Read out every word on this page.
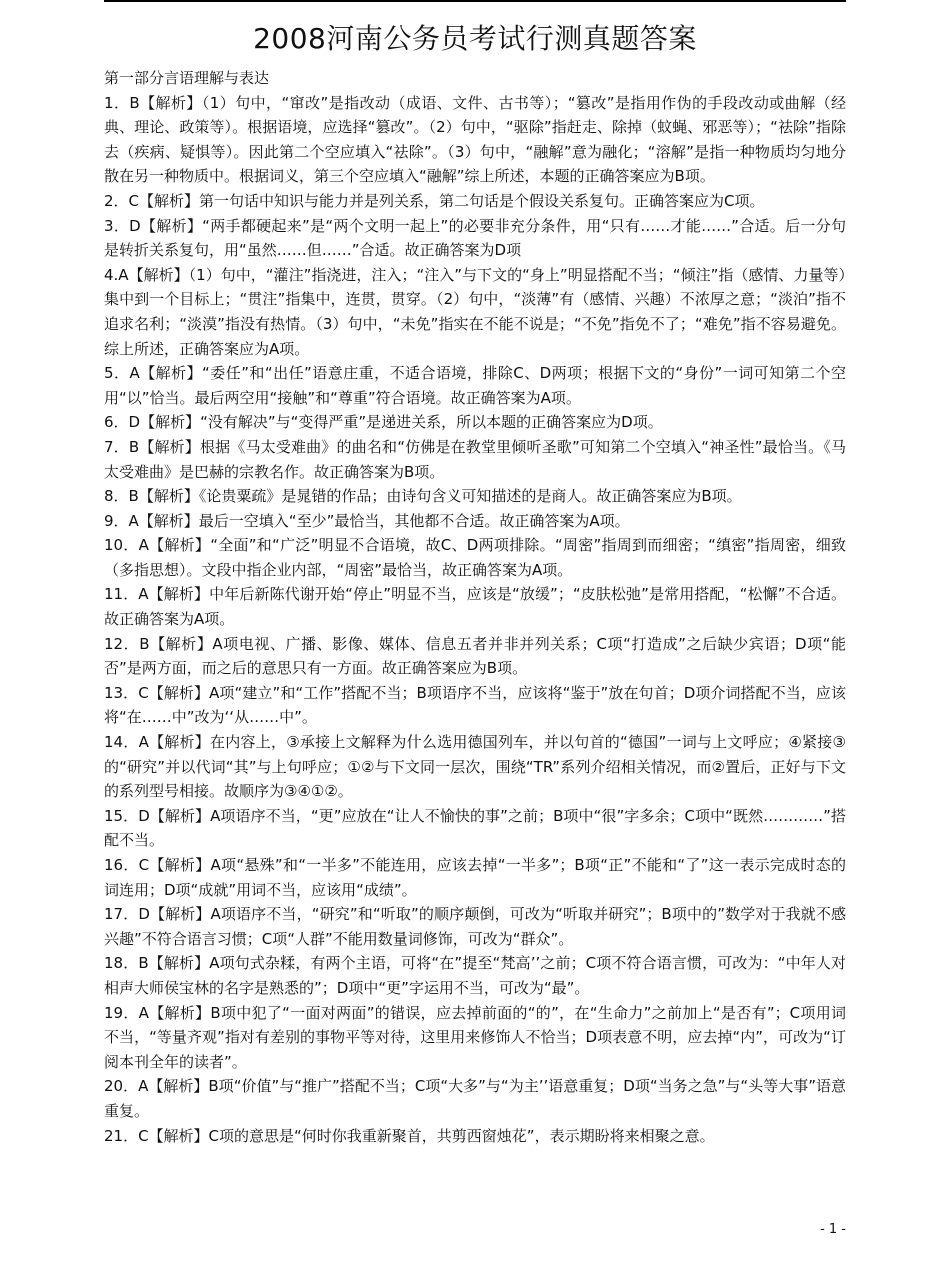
2008河南公务员考试行测真题答案

第一部分言语理解与表达

1．B【解析】（1）句中，“窜改”是指改动（成语、文件、古书等）；“篡改”是指用作伪的手段改动或曲解（经典、理论、政策等）。根据语境，应选择“篡改”。（2）句中，“驱除”指赶走、除掉（蚊蝇、邪恶等）；“祛除”指除去（疾病、疑惧等）。因此第二个空应填入“祛除”。（3）句中，“融解”意为融化；“溶解”是指一种物质均匀地分散在另一种物质中。根据词义，第三个空应填入“融解”综上所述，本题的正确答案应为B项。

2．C【解析】第一句话中知识与能力并是列关系，第二句话是个假设关系复句。正确答案应为C项。

3．D【解析】“两手都硬起来”是“两个文明一起上”的必要非充分条件，用“只有……才能……”合适。后一分句是转折关系复句，用“虽然……但……”合适。故正确答案为D项

4.A【解析】（1）句中，“灌注”指浇进，注入；“注入”与下文的“身上”明显搭配不当；“倾注”指（感情、力量等）集中到一个目标上；“贯注”指集中，连贯，贯穿。（2）句中，“淡薄”有（感情、兴趣）不浓厚之意；“淡泊”指不追求名利；“淡漠”指没有热情。（3）句中，“未免”指实在不能不说是；“不免”指免不了；“难免”指不容易避免。综上所述，正确答案应为A项。

5．A【解析】“委任”和“出任”语意庄重，不适合语境，排除C、D两项；根据下文的“身份”一词可知第二个空用“以”恰当。最后两空用“接触”和“尊重”符合语境。故正确答案为A项。

6．D【解析】“没有解决”与“变得严重”是递进关系，所以本题的正确答案应为D项。

7．B【解析】根据《马太受难曲》的曲名和“仿佛是在教堂里倾听圣歌”可知第二个空填入“神圣性”最恰当。《马太受难曲》是巴赫的宗教名作。故正确答案为B项。

8．B【解析】《论贵粟疏》是晁错的作品；由诗句含义可知描述的是商人。故正确答案应为B项。

9．A【解析】最后一空填入“至少”最恰当，其他都不合适。故正确答案为A项。

10．A【解析】“全面”和“广泛”明显不合语境，故C、D两项排除。“周密”指周到而细密；“缜密”指周密，细致（多指思想）。文段中指企业内部，“周密”最恰当，故正确答案为A项。

11．A【解析】中年后新陈代谢开始“停止”明显不当，应该是“放缓”；“皮肤松弛”是常用搭配，“松懈”不合适。故正确答案为A项。

12．B【解析】A项电视、广播、影像、媒体、信息五者并非并列关系；C项“打造成”之后缺少宾语；D项“能否”是两方面，而之后的意思只有一方面。故正确答案应为B项。

13．C【解析】A项“建立”和“工作”搭配不当；B项语序不当，应该将“鉴于”放在句首；D项介词搭配不当，应该将“在……中”改为‘‘从……中”。

14．A【解析】在内容上，③承接上文解释为什么选用德国列车，并以句首的“德国”一词与上文呼应；④紧接③的“研究”并以代词“其”与上句呼应；①②与下文同一层次，围绕“TR”系列介绍相关情况，而②置后，正好与下文的系列型号相接。故顺序为③④①②。

15．D【解析】A项语序不当，“更”应放在“让人不愉快的事”之前；B项中“很”字多余；C项中“既然…………”搭配不当。

16．C【解析】A项“悬殊”和“一半多”不能连用，应该去掉“一半多”；B项“正”不能和“了”这一表示完成时态的词连用；D项“成就”用词不当，应该用“成绩”。

17．D【解析】A项语序不当，“研究”和“听取”的顺序颠倒，可改为“听取并研究”；B项中的”数学对于我就不感兴趣”不符合语言习惯；C项“人群”不能用数量词修饰，可改为“群众”。

18．B【解析】A项句式杂糅，有两个主语，可将“在”提至“梵高’’之前；C项不符合语言惯，可改为：“中年人对相声大师侯宝林的名字是熟悉的”；D项中“更”字运用不当，可改为“最”。

19．A【解析】B项中犯了“一面对两面”的错误，应去掉前面的“的”，在“生命力”之前加上“是否有”；C项用词不当，“等量齐观”指对有差别的事物平等对待，这里用来修饰人不恰当；D项表意不明，应去掉“内”，可改为“订阅本刊全年的读者”。

20．A【解析】B项“价值”与“推广”搭配不当；C项“大多”与“为主’’语意重复；D项“当务之急”与“头等大事”语意重复。

21．C【解析】C项的意思是“何时你我重新聚首，共剪西窗烛花”，表示期盼将来相聚之意。

- 1 -
